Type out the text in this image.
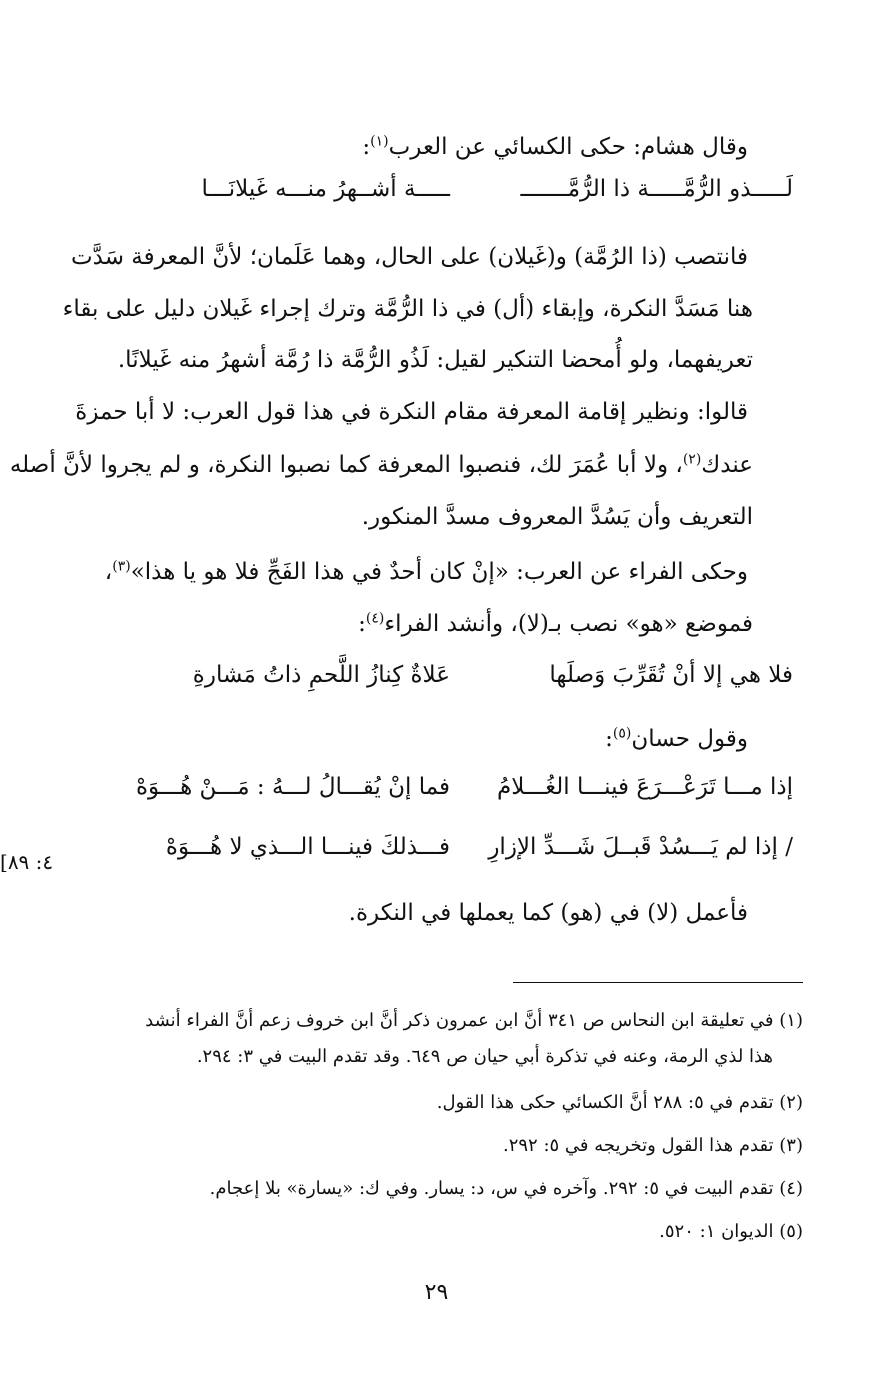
وقال هشام: حكى الكسائي عن العرب$^{(١)}$:
لَـــــذو الرُّمَّـــــة ذا الرُّمَّـــــــ
ـــــة أشــهرُ منـــه غَيلانَـــا
فانتصب (ذا الرُمَّة) و(غَيلان) على الحال، وهما عَلَمان؛ لأنَّ المعرفة سَدَّت
هنا مَسَدَّ النكرة، وإبقاء (أل) في ذا الرُّمَّة وترك إجراء غَيلان دليل على بقاء
تعريفهما، ولو أُمحضا التنكير لقيل: لَذُو الرُّمَّة ذا رُمَّة أشهرُ منه غَيلانًا.
قالوا: ونظير إقامة المعرفة مقام النكرة في هذا قول العرب: لا أبا حمزةَ
عندك$^{(٢)}$، ولا أبا عُمَرَ لك، فنصبوا المعرفة كما نصبوا النكرة، و لم يجروا لأنَّ أصله
التعريف وأن يَسُدَّ المعروف مسدَّ المنكور.
وحكى الفراء عن العرب: «إنْ كان أحدٌ في هذا الفَجِّ فلا هو يا هذا»$^{(٣)}$،
فموضع «هو» نصب بـ(لا)، وأنشد الفراء$^{(٤)}$:
فلا هي إلا أنْ تُقَرِّبَ وَصلَها
عَلاةٌ كِنازُ اللَّحمِ ذاتُ مَشارةِ
وقول حسان$^{(٥)}$:
إذا مـــا تَرَعْـــرَعَ فينـــا الغُـــلامُ
فما إنْ يُقـــالُ لـــهُ : مَـــنْ هُـــوَهْ
/ إذا لم يَـــسُدْ قَبــلَ شَـــدِّ الإزارِ
فـــذلكَ فينـــا الـــذي لا هُـــوَهْ
[٤: ٨٩
فأعمل (لا) في (هو) كما يعملها في النكرة.
(١) في تعليقة ابن النحاس ص ٣٤١ أنَّ ابن عمرون ذكر أنَّ ابن خروف زعم أنَّ الفراء أنشد
هذا لذي الرمة، وعنه في تذكرة أبي حيان ص ٦٤٩. وقد تقدم البيت في ٣: ٢٩٤.
(٢) تقدم في ٥: ٢٨٨ أنَّ الكسائي حكى هذا القول.
(٣) تقدم هذا القول وتخريجه في ٥: ٢٩٢.
(٤) تقدم البيت في ٥: ٢٩٢. وآخره في س، د: يسار. وفي ك: «يسارة» بلا إعجام.
(٥) الديوان ١: ٥٢٠.
٢٩
